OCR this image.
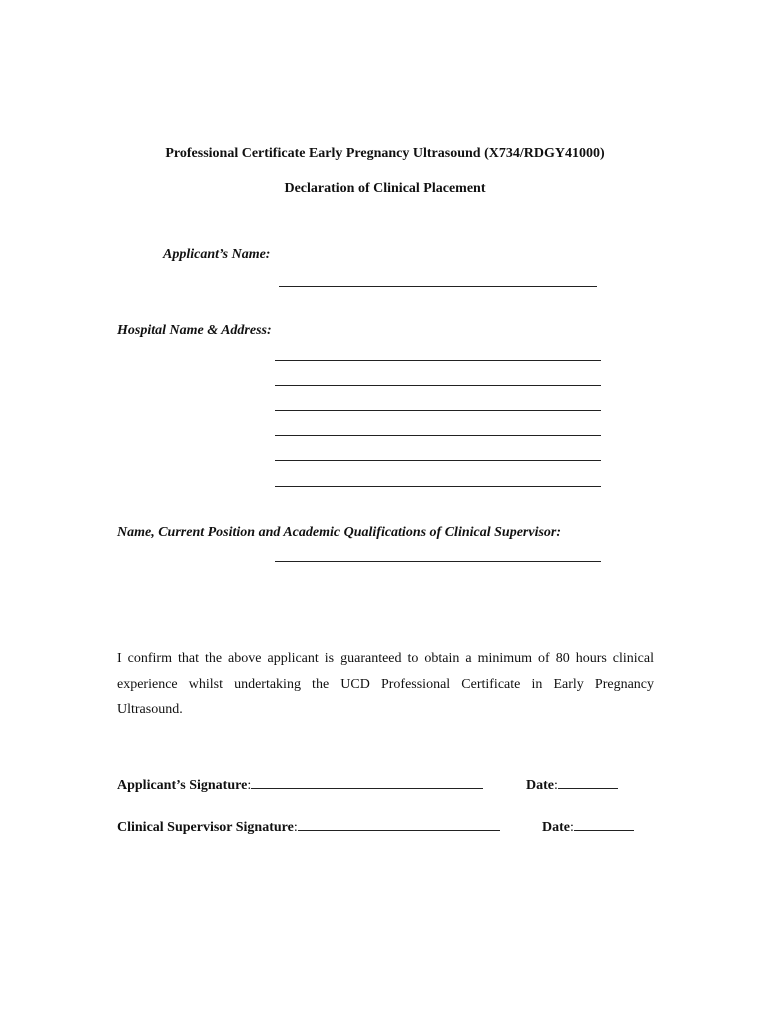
Professional Certificate Early Pregnancy Ultrasound (X734/RDGY41000)
Declaration of Clinical Placement
Applicant’s Name:
Hospital Name & Address:
Name, Current Position and Academic Qualifications of Clinical Supervisor:
I confirm that the above applicant is guaranteed to obtain a minimum of 80 hours clinical experience whilst undertaking the UCD Professional Certificate in Early Pregnancy Ultrasound.
Applicant’s Signature:	Date:
Clinical Supervisor Signature:	Date:
